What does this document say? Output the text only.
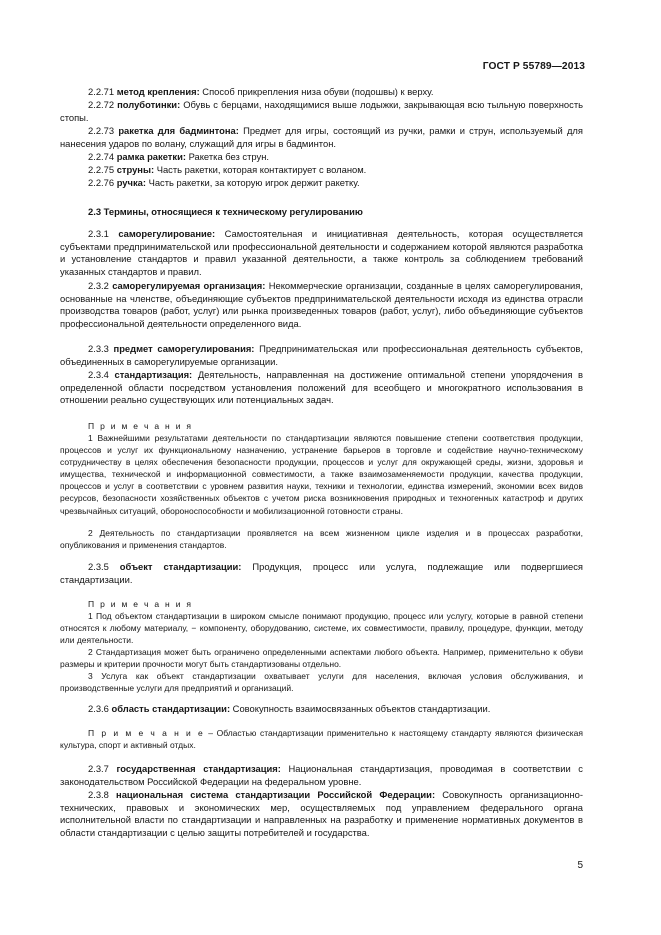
ГОСТ Р 55789—2013
2.2.71 метод крепления: Способ прикрепления низа обуви (подошвы) к верху.
2.2.72 полуботинки: Обувь с берцами, находящимися выше лодыжки, закрывающая всю тыльную поверхность стопы.
2.2.73 ракетка для бадминтона: Предмет для игры, состоящий из ручки, рамки и струн, используемый для нанесения ударов по волану, служащий для игры в бадминтон.
2.2.74 рамка ракетки: Ракетка без струн.
2.2.75 струны: Часть ракетки, которая контактирует с воланом.
2.2.76 ручка: Часть ракетки, за которую игрок держит ракетку.
2.3 Термины, относящиеся к техническому регулированию
2.3.1 саморегулирование: Самостоятельная и инициативная деятельность, которая осуществляется субъектами предпринимательской или профессиональной деятельности и содержанием которой являются разработка и установление стандартов и правил указанной деятельности, а также контроль за соблюдением требований указанных стандартов и правил.
2.3.2 саморегулируемая организация: Некоммерческие организации, созданные в целях саморегулирования, основанные на членстве, объединяющие субъектов предпринимательской деятельности исходя из единства отрасли производства товаров (работ, услуг) или рынка произведенных товаров (работ, услуг), либо объединяющие субъектов профессиональной деятельности определенного вида.
2.3.3 предмет саморегулирования: Предпринимательская или профессиональная деятельность субъектов, объединенных в саморегулируемые организации.
2.3.4 стандартизация: Деятельность, направленная на достижение оптимальной степени упорядочения в определенной области посредством установления положений для всеобщего и многократного использования в отношении реально существующих или потенциальных задач.
П р и м е ч а н и я
1 Важнейшими результатами деятельности по стандартизации являются повышение степени соответствия продукции, процессов и услуг их функциональному назначению, устранение барьеров в торговле и содействие научно-техническому сотрудничеству в целях обеспечения безопасности продукции, процессов и услуг для окружающей среды, жизни, здоровья и имущества, технической и информационной совместимости, а также взаимозаменяемости продукции, качества продукции, процессов и услуг в соответствии с уровнем развития науки, техники и технологии, единства измерений, экономии всех видов ресурсов, безопасности хозяйственных объектов с учетом риска возникновения природных и техногенных катастроф и других чрезвычайных ситуаций, обороноспособности и мобилизационной готовности страны.
2 Деятельность по стандартизации проявляется на всем жизненном цикле изделия и в процессах разработки, опубликования и применения стандартов.
2.3.5 объект стандартизации: Продукция, процесс или услуга, подлежащие или подвергшиеся стандартизации.
П р и м е ч а н и я
1 Под объектом стандартизации в широком смысле понимают продукцию, процесс или услугу, которые в равной степени относятся к любому материалу, − компоненту, оборудованию, системе, их совместимости, правилу, процедуре, функции, методу или деятельности.
2 Стандартизация может быть ограничено определенными аспектами любого объекта. Например, применительно к обуви размеры и критерии прочности могут быть стандартизованы отдельно.
3 Услуга как объект стандартизации охватывает услуги для населения, включая условия обслуживания, и производственные услуги для предприятий и организаций.
2.3.6 область стандартизации: Совокупность взаимосвязанных объектов стандартизации.
П р и м е ч а н и е – Областью стандартизации применительно к настоящему стандарту являются физическая культура, спорт и активный отдых.
2.3.7 государственная стандартизация: Национальная стандартизация, проводимая в соответствии с законодательством Российской Федерации на федеральном уровне.
2.3.8 национальная система стандартизации Российской Федерации: Совокупность организационно-технических, правовых и экономических мер, осуществляемых под управлением федерального органа исполнительной власти по стандартизации и направленных на разработку и применение нормативных документов в области стандартизации с целью защиты потребителей и государства.
5
